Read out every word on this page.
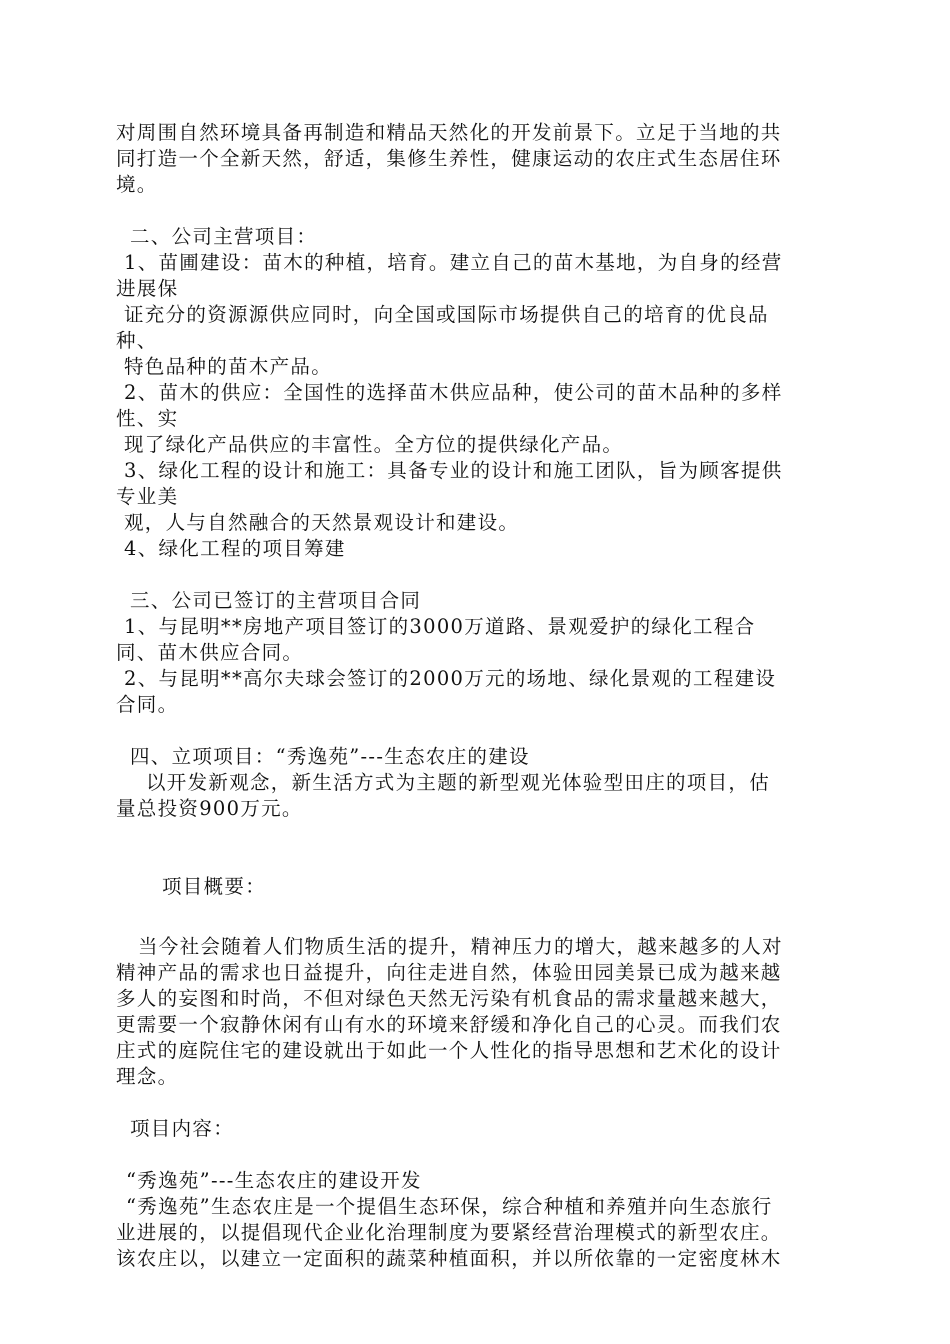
对周围自然环境具备再制造和精品天然化的开发前景下。立足于当地的共
同打造一个全新天然，舒适，集修生养性，健康运动的农庄式生态居住环
境。
二、公司主营项目：
1、苗圃建设：苗木的种植，培育。建立自己的苗木基地，为自身的经营
进展保
证充分的资源源供应同时，向全国或国际市场提供自己的培育的优良品
种、
特色品种的苗木产品。
2、苗木的供应：全国性的选择苗木供应品种，使公司的苗木品种的多样
性、实
现了绿化产品供应的丰富性。全方位的提供绿化产品。
3、绿化工程的设计和施工：具备专业的设计和施工团队，旨为顾客提供
专业美
观，人与自然融合的天然景观设计和建设。
4、绿化工程的项目筹建
三、公司已签订的主营项目合同
1、与昆明**房地产项目签订的3000万道路、景观爱护的绿化工程合
同、苗木供应合同。
2、与昆明**高尔夫球会签订的2000万元的场地、绿化景观的工程建设
合同。
四、立项项目：“秀逸苑”---生态农庄的建设
以开发新观念，新生活方式为主题的新型观光体验型田庄的项目，估
量总投资900万元。
项目概要：
当今社会随着人们物质生活的提升，精神压力的增大，越来越多的人对
精神产品的需求也日益提升，向往走进自然，体验田园美景已成为越来越
多人的妄图和时尚，不但对绿色天然无污染有机食品的需求量越来越大，
更需要一个寂静休闲有山有水的环境来舒缓和净化自己的心灵。而我们农
庄式的庭院住宅的建设就出于如此一个人性化的指导思想和艺术化的设计
理念。
项目内容：
“秀逸苑”---生态农庄的建设开发
“秀逸苑”生态农庄是一个提倡生态环保，综合种植和养殖并向生态旅行
业进展的，以提倡现代企业化治理制度为要紧经营治理模式的新型农庄。
该农庄以，以建立一定面积的蔬菜种植面积，并以所依靠的一定密度林木
